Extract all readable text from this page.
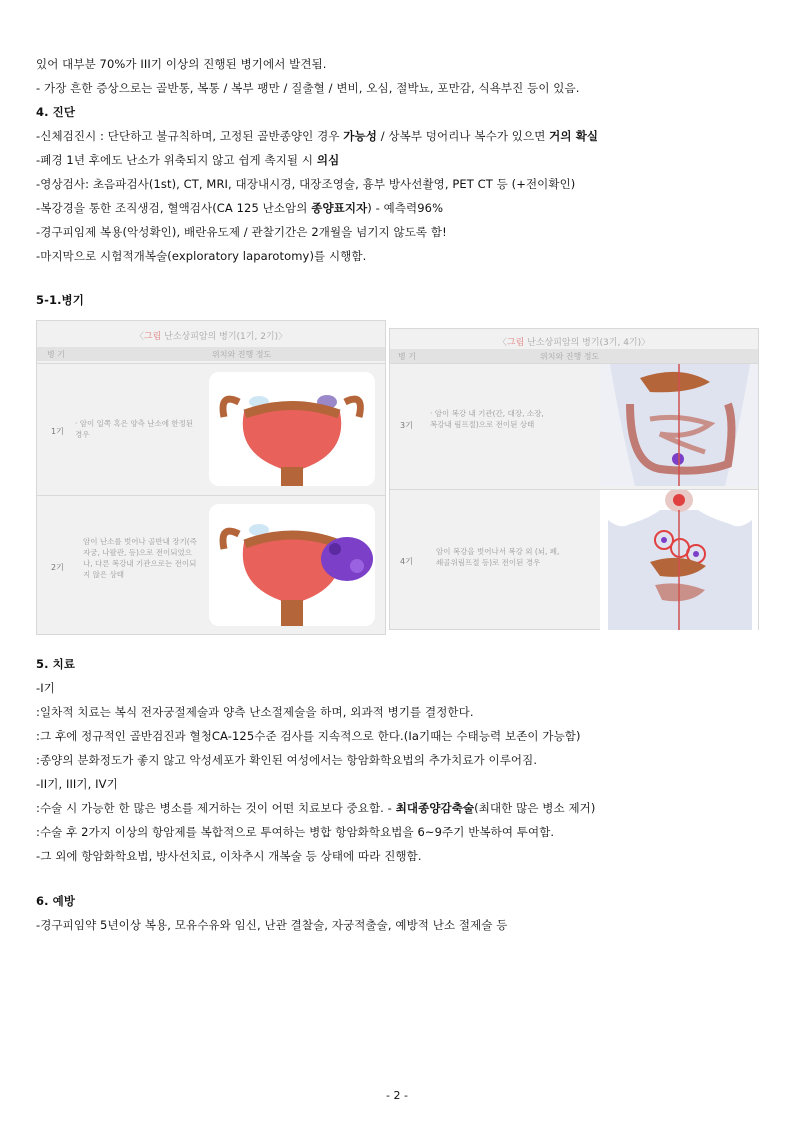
있어 대부분 70%가 III기 이상의 진행된 병기에서 발견됨.
- 가장 흔한 증상으로는 골반통, 복통 / 복부 팽만 / 질출혈 / 변비, 오심, 절박뇨, 포만감, 식욕부진 등이 있음.
4. 진단
-신체검진시 : 단단하고 불규칙하며, 고정된 골반종양인 경우 가능성 / 상복부 덩어리나 복수가 있으면 거의 확실
-폐경 1년 후에도 난소가 위축되지 않고 쉽게 촉지될 시 의심
-영상검사: 초음파검사(1st), CT, MRI, 대장내시경, 대장조영술, 흉부 방사선촬영, PET CT 등 (+전이확인)
-복강경을 통한 조직생검, 혈액검사(CA 125 난소암의 종양표지자) - 예측력96%
-경구피임제 복용(악성확인), 배란유도제 / 관찰기간은 2개월을 넘기지 않도록 함!
-마지막으로 시험적개복술(exploratory laparotomy)를 시행함.
5-1.병기
〈그림 난소상피암의 병기(1기, 2기)〉
병 기	위치와 진행 정도
1기
· 암이 일쪽 혹은 양측 난소에 한정된 경우
2기
암이 난소를 벗어나 골반내 장기(즉 자궁, 나팔관, 등)으로 전이되었으나, 다른 복강내 기관으로는 전이되지 않은 상태
〈그림 난소상피암의 병기(3기, 4기)〉
병 기	위치와 진행 정도
3기
· 암이 복강 내 기관(간, 대장, 소장, 복강내 림프절)으로 전이된 상태
4기
암이 복강을 벗어나서 복강 외 (뇌, 폐, 쇄골위림프절 등)로 전이된 경우
5. 치료
-I기
:일차적 치료는 복식 전자궁절제술과 양측 난소절제술을 하며, 외과적 병기를 결정한다.
:그 후에 정규적인 골반검진과 혈청CA-125수준 검사를 지속적으로 한다.(Ia기때는 수태능력 보존이 가능함)
:종양의 분화정도가 좋지 않고 악성세포가 확인된 여성에서는 항암화학요법의 추가치료가 이루어짐.
-II기, III기, IV기
:수술 시 가능한 한 많은 병소를 제거하는 것이 어떤 치료보다 중요함. - 최대종양감축술(최대한 많은 병소 제거)
:수술 후 2가지 이상의 항암제를 복합적으로 투여하는 병합 항암화학요법을 6~9주기 반복하여 투여함.
-그 외에 항암화학요법, 방사선치료, 이차추시 개복술 등 상태에 따라 진행함.
6. 예방
-경구피임약 5년이상 복용, 모유수유와 임신, 난관 결찰술, 자궁적출술, 예방적 난소 절제술 등
- 2 -
